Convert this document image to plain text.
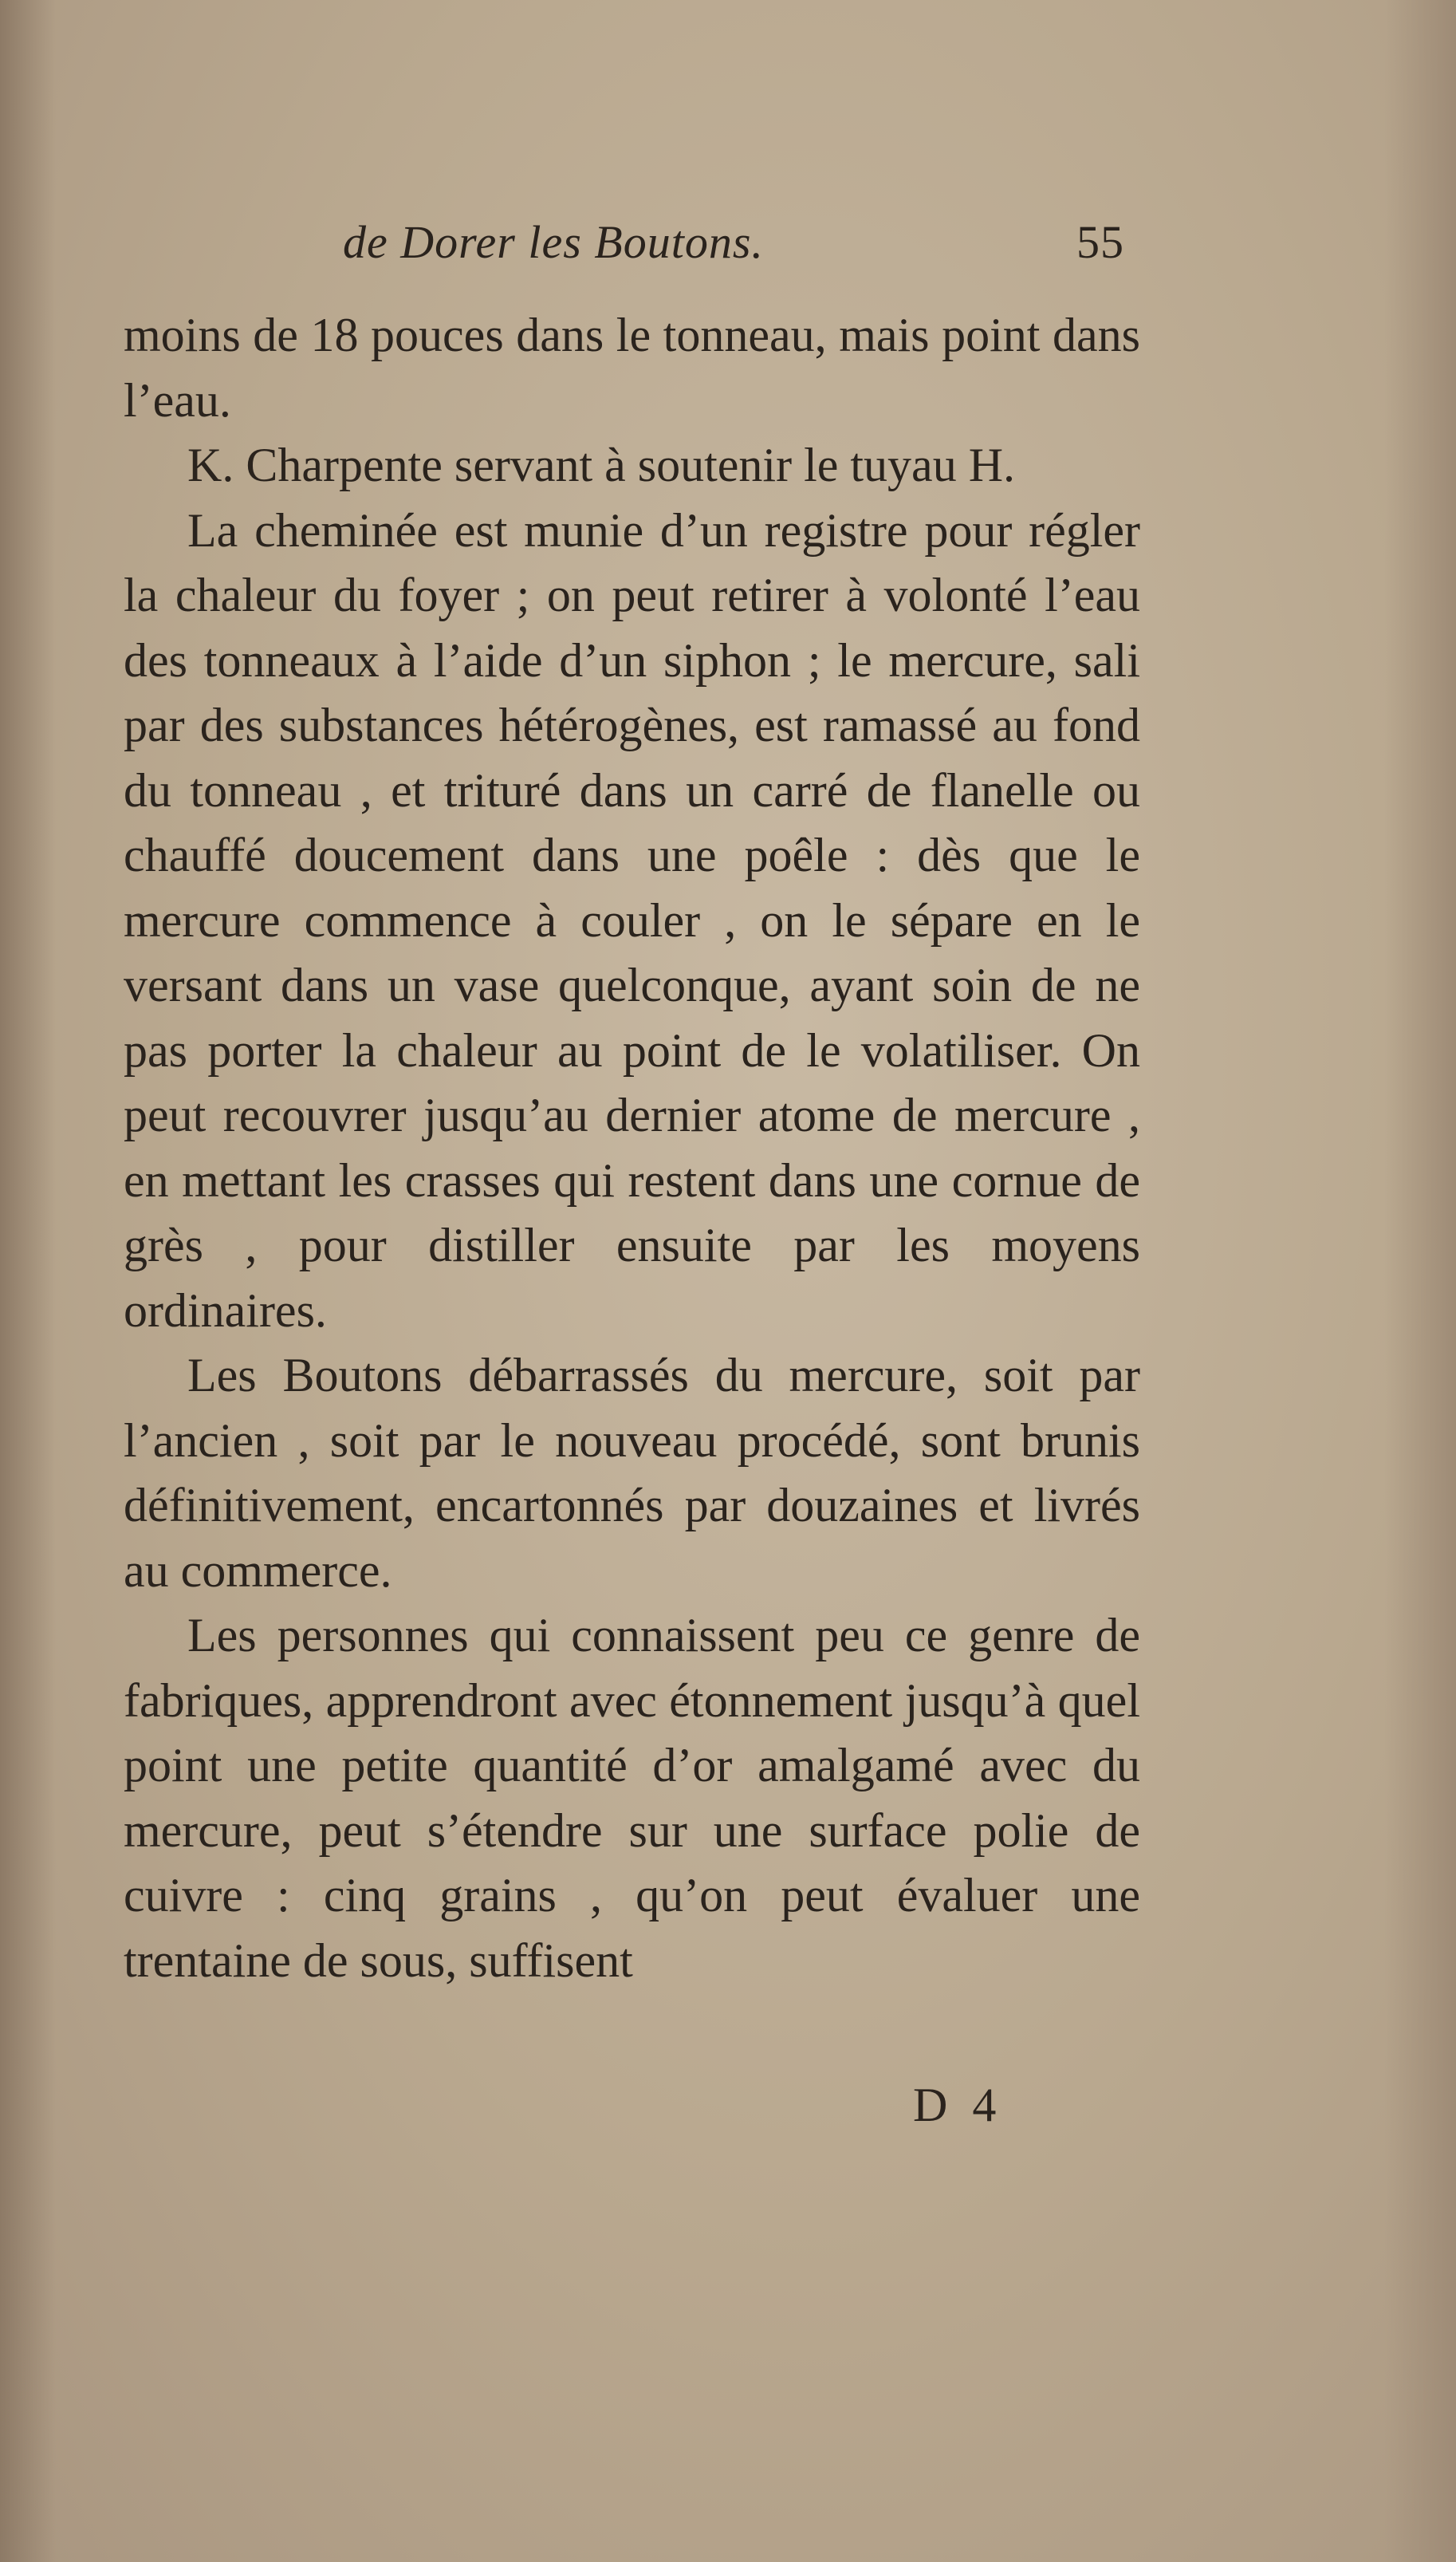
de Dorer les Boutons.	55

moins de 18 pouces dans le tonneau, mais point dans l’eau.

K. Charpente servant à soutenir le tuyau H.

La cheminée est munie d’un registre pour régler la chaleur du foyer ; on peut retirer à volonté l’eau des tonneaux à l’aide d’un siphon ; le mercure, sali par des substances hétérogènes, est ramassé au fond du tonneau , et trituré dans un carré de flanelle ou chauffé doucement dans une poêle : dès que le mercure commence à couler , on le sépare en le versant dans un vase quelconque, ayant soin de ne pas porter la chaleur au point de le volatiliser. On peut recouvrer jusqu’au dernier atome de mercure , en mettant les crasses qui restent dans une cornue de grès , pour distiller ensuite par les moyens ordinaires.

Les Boutons débarrassés du mercure, soit par l’ancien , soit par le nouveau procédé, sont brunis définitivement, encartonnés par douzaines et livrés au commerce.

Les personnes qui connaissent peu ce genre de fabriques, apprendront avec étonnement jusqu’à quel point une petite quantité d’or amalgamé avec du mercure, peut s’étendre sur une surface polie de cuivre : cinq grains , qu’on peut évaluer une trentaine de sous, suffisent

D 4
